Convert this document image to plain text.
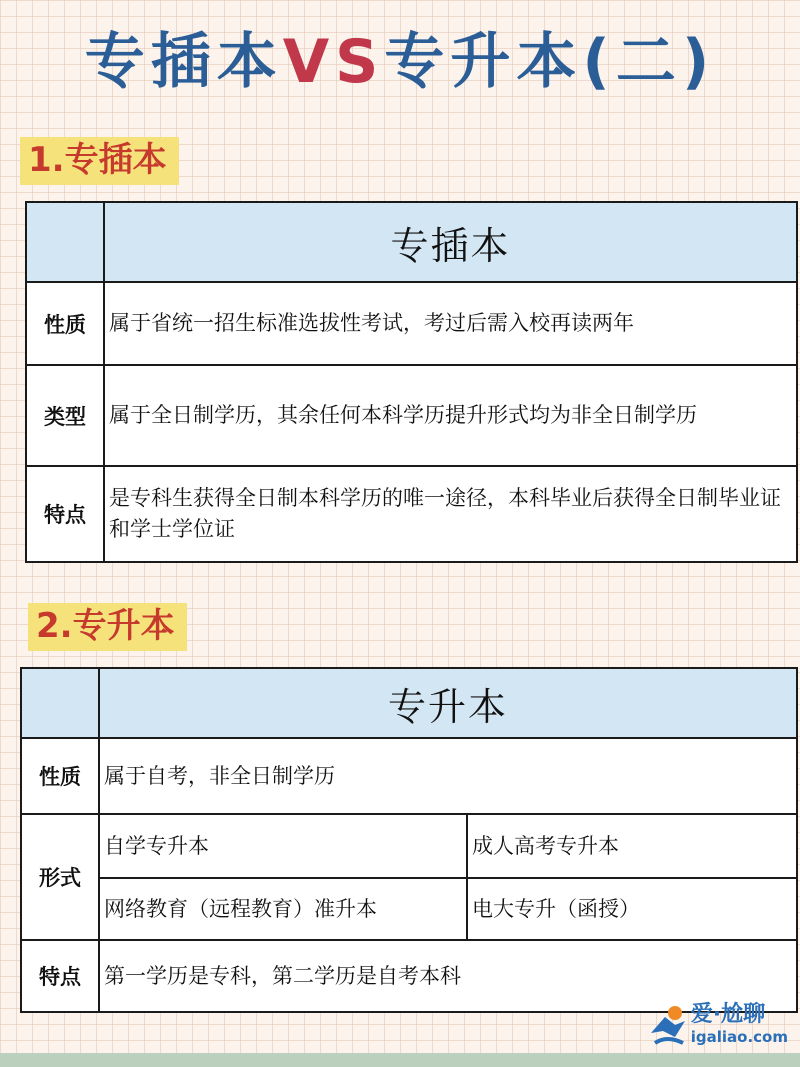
专插本VS专升本(二)
1.专插本
	专插本
性质	属于省统一招生标准选拔性考试，考过后需入校再读两年
类型	属于全日制学历，其余任何本科学历提升形式均为非全日制学历
特点	是专科生获得全日制本科学历的唯一途径，本科毕业后获得全日制毕业证和学士学位证
2.专升本
	专升本	
性质	属于自考，非全日制学历	
形式	自学专升本	成人高考专升本
	网络教育（远程教育）准升本	电大专升（函授）
特点	第一学历是专科，第二学历是自考本科	
爱·尬聊
igaliao.com
